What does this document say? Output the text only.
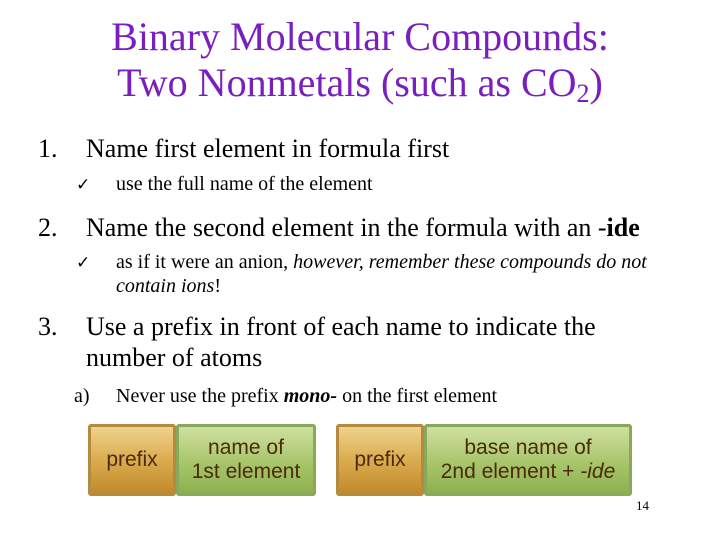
Binary Molecular Compounds:
Two Nonmetals (such as $CO_2$)
1. Name first element in formula first
✓ use the full name of the element
2. Name the second element in the formula with an -ide
✓ as if it were an anion, however, remember these compounds do not contain ions!
3. Use a prefix in front of each name to indicate the number of atoms
a) Never use the prefix mono- on the first element
prefix
name of
1st element
prefix
base name of
2nd element + -ide
14
